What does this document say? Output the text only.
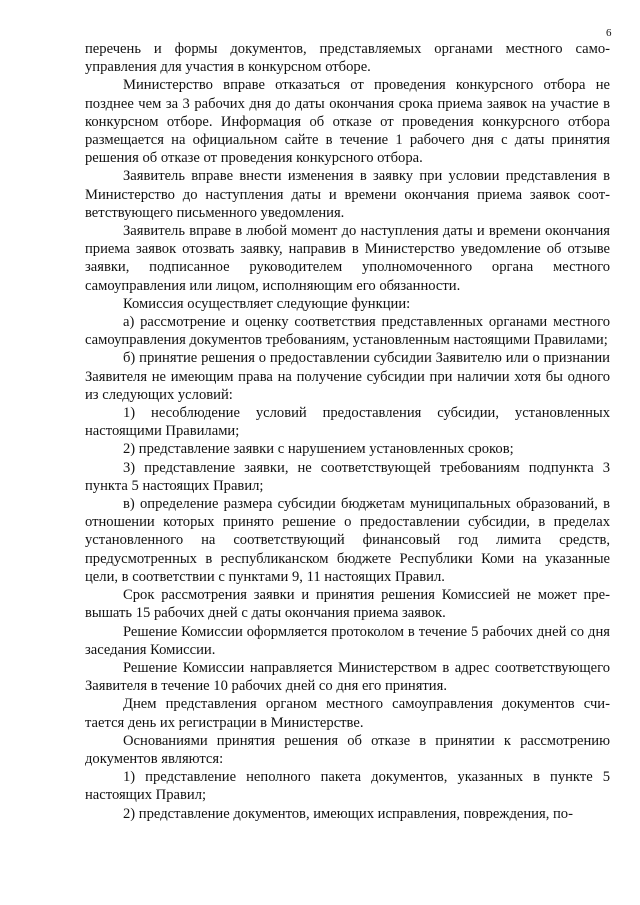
6

перечень и формы документов, представляемых органами местного самоуправления для участия в конкурсном отборе.

Министерство вправе отказаться от проведения конкурсного отбора не позднее чем за 3 рабочих дня до даты окончания срока приема заявок на участие в конкурсном отборе. Информация об отказе от проведения конкурсного отбора размещается на официальном сайте в течение 1 рабочего дня с даты принятия решения об отказе от проведения конкурсного отбора.

Заявитель вправе внести изменения в заявку при условии представления в Министерство до наступления даты и времени окончания приема заявок соответствующего письменного уведомления.

Заявитель вправе в любой момент до наступления даты и времени окончания приема заявок отозвать заявку, направив в Министерство уведомление об отзыве заявки, подписанное руководителем уполномоченного органа местного самоуправления или лицом, исполняющим его обязанности.

Комиссия осуществляет следующие функции:

а) рассмотрение и оценку соответствия представленных органами местного самоуправления документов требованиям, установленным настоящими Правилами;

б) принятие решения о предоставлении субсидии Заявителю или о признании Заявителя не имеющим права на получение субсидии при наличии хотя бы одного из следующих условий:

1) несоблюдение условий предоставления субсидии, установленных настоящими Правилами;

2) представление заявки с нарушением установленных сроков;

3) представление заявки, не соответствующей требованиям подпункта 3 пункта 5 настоящих Правил;

в) определение размера субсидии бюджетам муниципальных образований, в отношении которых принято решение о предоставлении субсидии, в пределах установленного на соответствующий финансовый год лимита средств, предусмотренных в республиканском бюджете Республики Коми на указанные цели, в соответствии с пунктами 9, 11 настоящих Правил.

Срок рассмотрения заявки и принятия решения Комиссией не может превышать 15 рабочих дней с даты окончания приема заявок.

Решение Комиссии оформляется протоколом в течение 5 рабочих дней со дня заседания Комиссии.

Решение Комиссии направляется Министерством в адрес соответствующего Заявителя в течение 10 рабочих дней со дня его принятия.

Днем представления органом местного самоуправления документов считается день их регистрации в Министерстве.

Основаниями принятия решения об отказе в принятии к рассмотрению документов являются:

1) представление неполного пакета документов, указанных в пункте 5 настоящих Правил;

2) представление документов, имеющих исправления, повреждения, по-
